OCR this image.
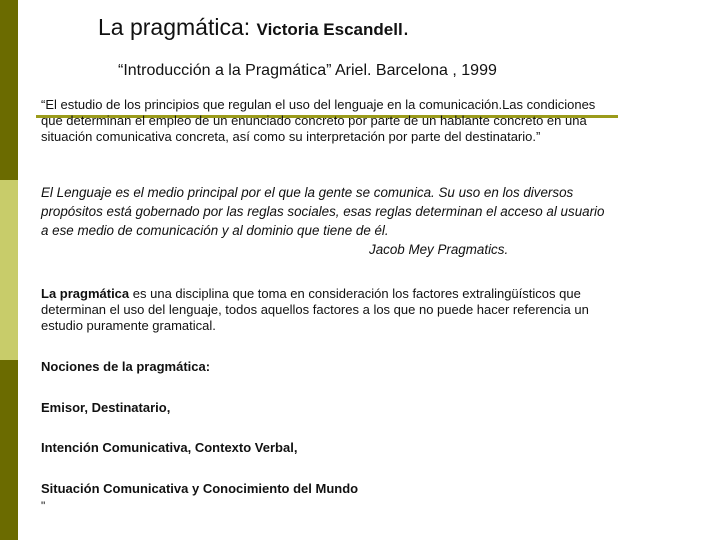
La pragmática: Victoria Escandell.
“Introducción a la Pragmática” Ariel. Barcelona , 1999
“El estudio de los principios que regulan el uso del lenguaje en la comunicación.Las condiciones que determinan el empleo de un enunciado concreto por parte de un hablante concreto en una situación comunicativa concreta, así como su interpretación por parte del destinatario.”
El Lenguaje es el medio principal por el que la gente se comunica. Su uso en los diversos propósitos está gobernado por las reglas sociales, esas reglas determinan el acceso al usuario a ese medio de comunicación y al dominio que tiene de él.
Jacob Mey Pragmatics.
La pragmática es una disciplina que toma en consideración los factores extralingüísticos que determinan el uso del lenguaje, todos aquellos factores a los que no puede hacer referencia un estudio puramente gramatical.
Nociones de la pragmática:
Emisor, Destinatario,
Intención Comunicativa, Contexto Verbal,
Situación Comunicativa y Conocimiento del Mundo
"
